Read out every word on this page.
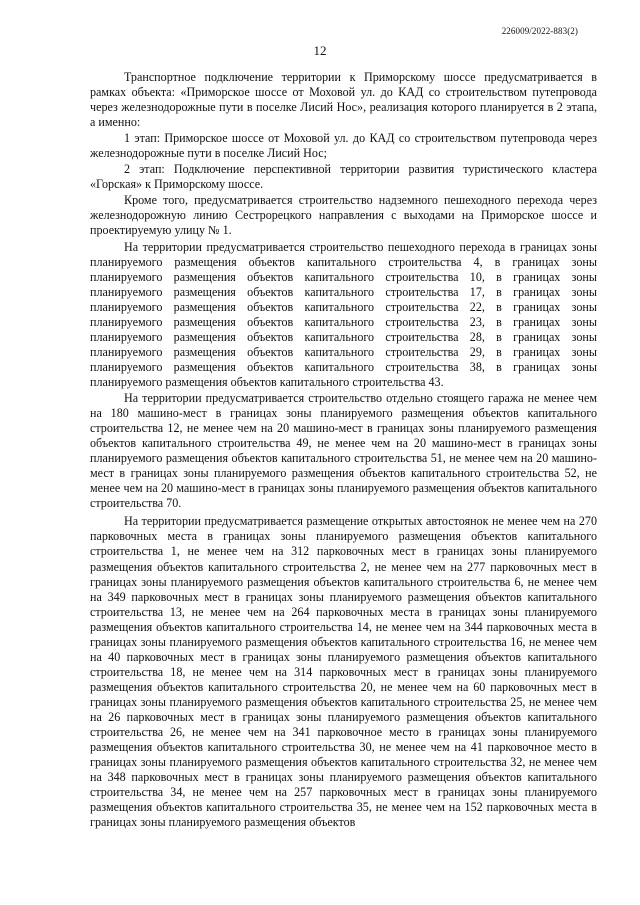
226009/2022-883(2)
12

Транспортное подключение территории к Приморскому шоссе предусматривается в рамках объекта: «Приморское шоссе от Моховой ул. до КАД со строительством путепровода через железнодорожные пути в поселке Лисий Нос», реализация которого планируется в 2 этапа, а именно:

1 этап: Приморское шоссе от Моховой ул. до КАД со строительством путепровода через железнодорожные пути в поселке Лисий Нос;

2 этап: Подключение перспективной территории развития туристического кластера «Горская» к Приморскому шоссе.

Кроме того, предусматривается строительство надземного пешеходного перехода через железнодорожную линию Сестрорецкого направления с выходами на Приморское шоссе и проектируемую улицу № 1.

На территории предусматривается строительство пешеходного перехода в границах зоны планируемого размещения объектов капитального строительства 4, в границах зоны планируемого размещения объектов капитального строительства 10, в границах зоны планируемого размещения объектов капитального строительства 17, в границах зоны планируемого размещения объектов капитального строительства 22, в границах зоны планируемого размещения объектов капитального строительства 23, в границах зоны планируемого размещения объектов капитального строительства 28, в границах зоны планируемого размещения объектов капитального строительства 29, в границах зоны планируемого размещения объектов капитального строительства 38, в границах зоны планируемого размещения объектов капитального строительства 43.

На территории предусматривается строительство отдельно стоящего гаража не менее чем на 180 машино-мест в границах зоны планируемого размещения объектов капитального строительства 12, не менее чем на 20 машино-мест в границах зоны планируемого размещения объектов капитального строительства 49, не менее чем на 20 машино-мест в границах зоны планируемого размещения объектов капитального строительства 51, не менее чем на 20 машино-мест в границах зоны планируемого размещения объектов капитального строительства 52, не менее чем на 20 машино-мест в границах зоны планируемого размещения объектов капитального строительства 70.

На территории предусматривается размещение открытых автостоянок не менее чем на 270 парковочных места в границах зоны планируемого размещения объектов капитального строительства 1, не менее чем на 312 парковочных мест в границах зоны планируемого размещения объектов капитального строительства 2, не менее чем на 277 парковочных мест в границах зоны планируемого размещения объектов капитального строительства 6, не менее чем на 349 парковочных мест в границах зоны планируемого размещения объектов капитального строительства 13, не менее чем на 264 парковочных места в границах зоны планируемого размещения объектов капитального строительства 14, не менее чем на 344 парковочных места в границах зоны планируемого размещения объектов капитального строительства 16, не менее чем на 40 парковочных мест в границах зоны планируемого размещения объектов капитального строительства 18, не менее чем на 314 парковочных мест в границах зоны планируемого размещения объектов капитального строительства 20, не менее чем на 60 парковочных мест в границах зоны планируемого размещения объектов капитального строительства 25, не менее чем на 26 парковочных мест в границах зоны планируемого размещения объектов капитального строительства 26, не менее чем на 341 парковочное место в границах зоны планируемого размещения объектов капитального строительства 30, не менее чем на 41 парковочное место в границах зоны планируемого размещения объектов капитального строительства 32, не менее чем на 348 парковочных мест в границах зоны планируемого размещения объектов капитального строительства 34, не менее чем на 257 парковочных мест в границах зоны планируемого размещения объектов капитального строительства 35, не менее чем на 152 парковочных места в границах зоны планируемого размещения объектов
